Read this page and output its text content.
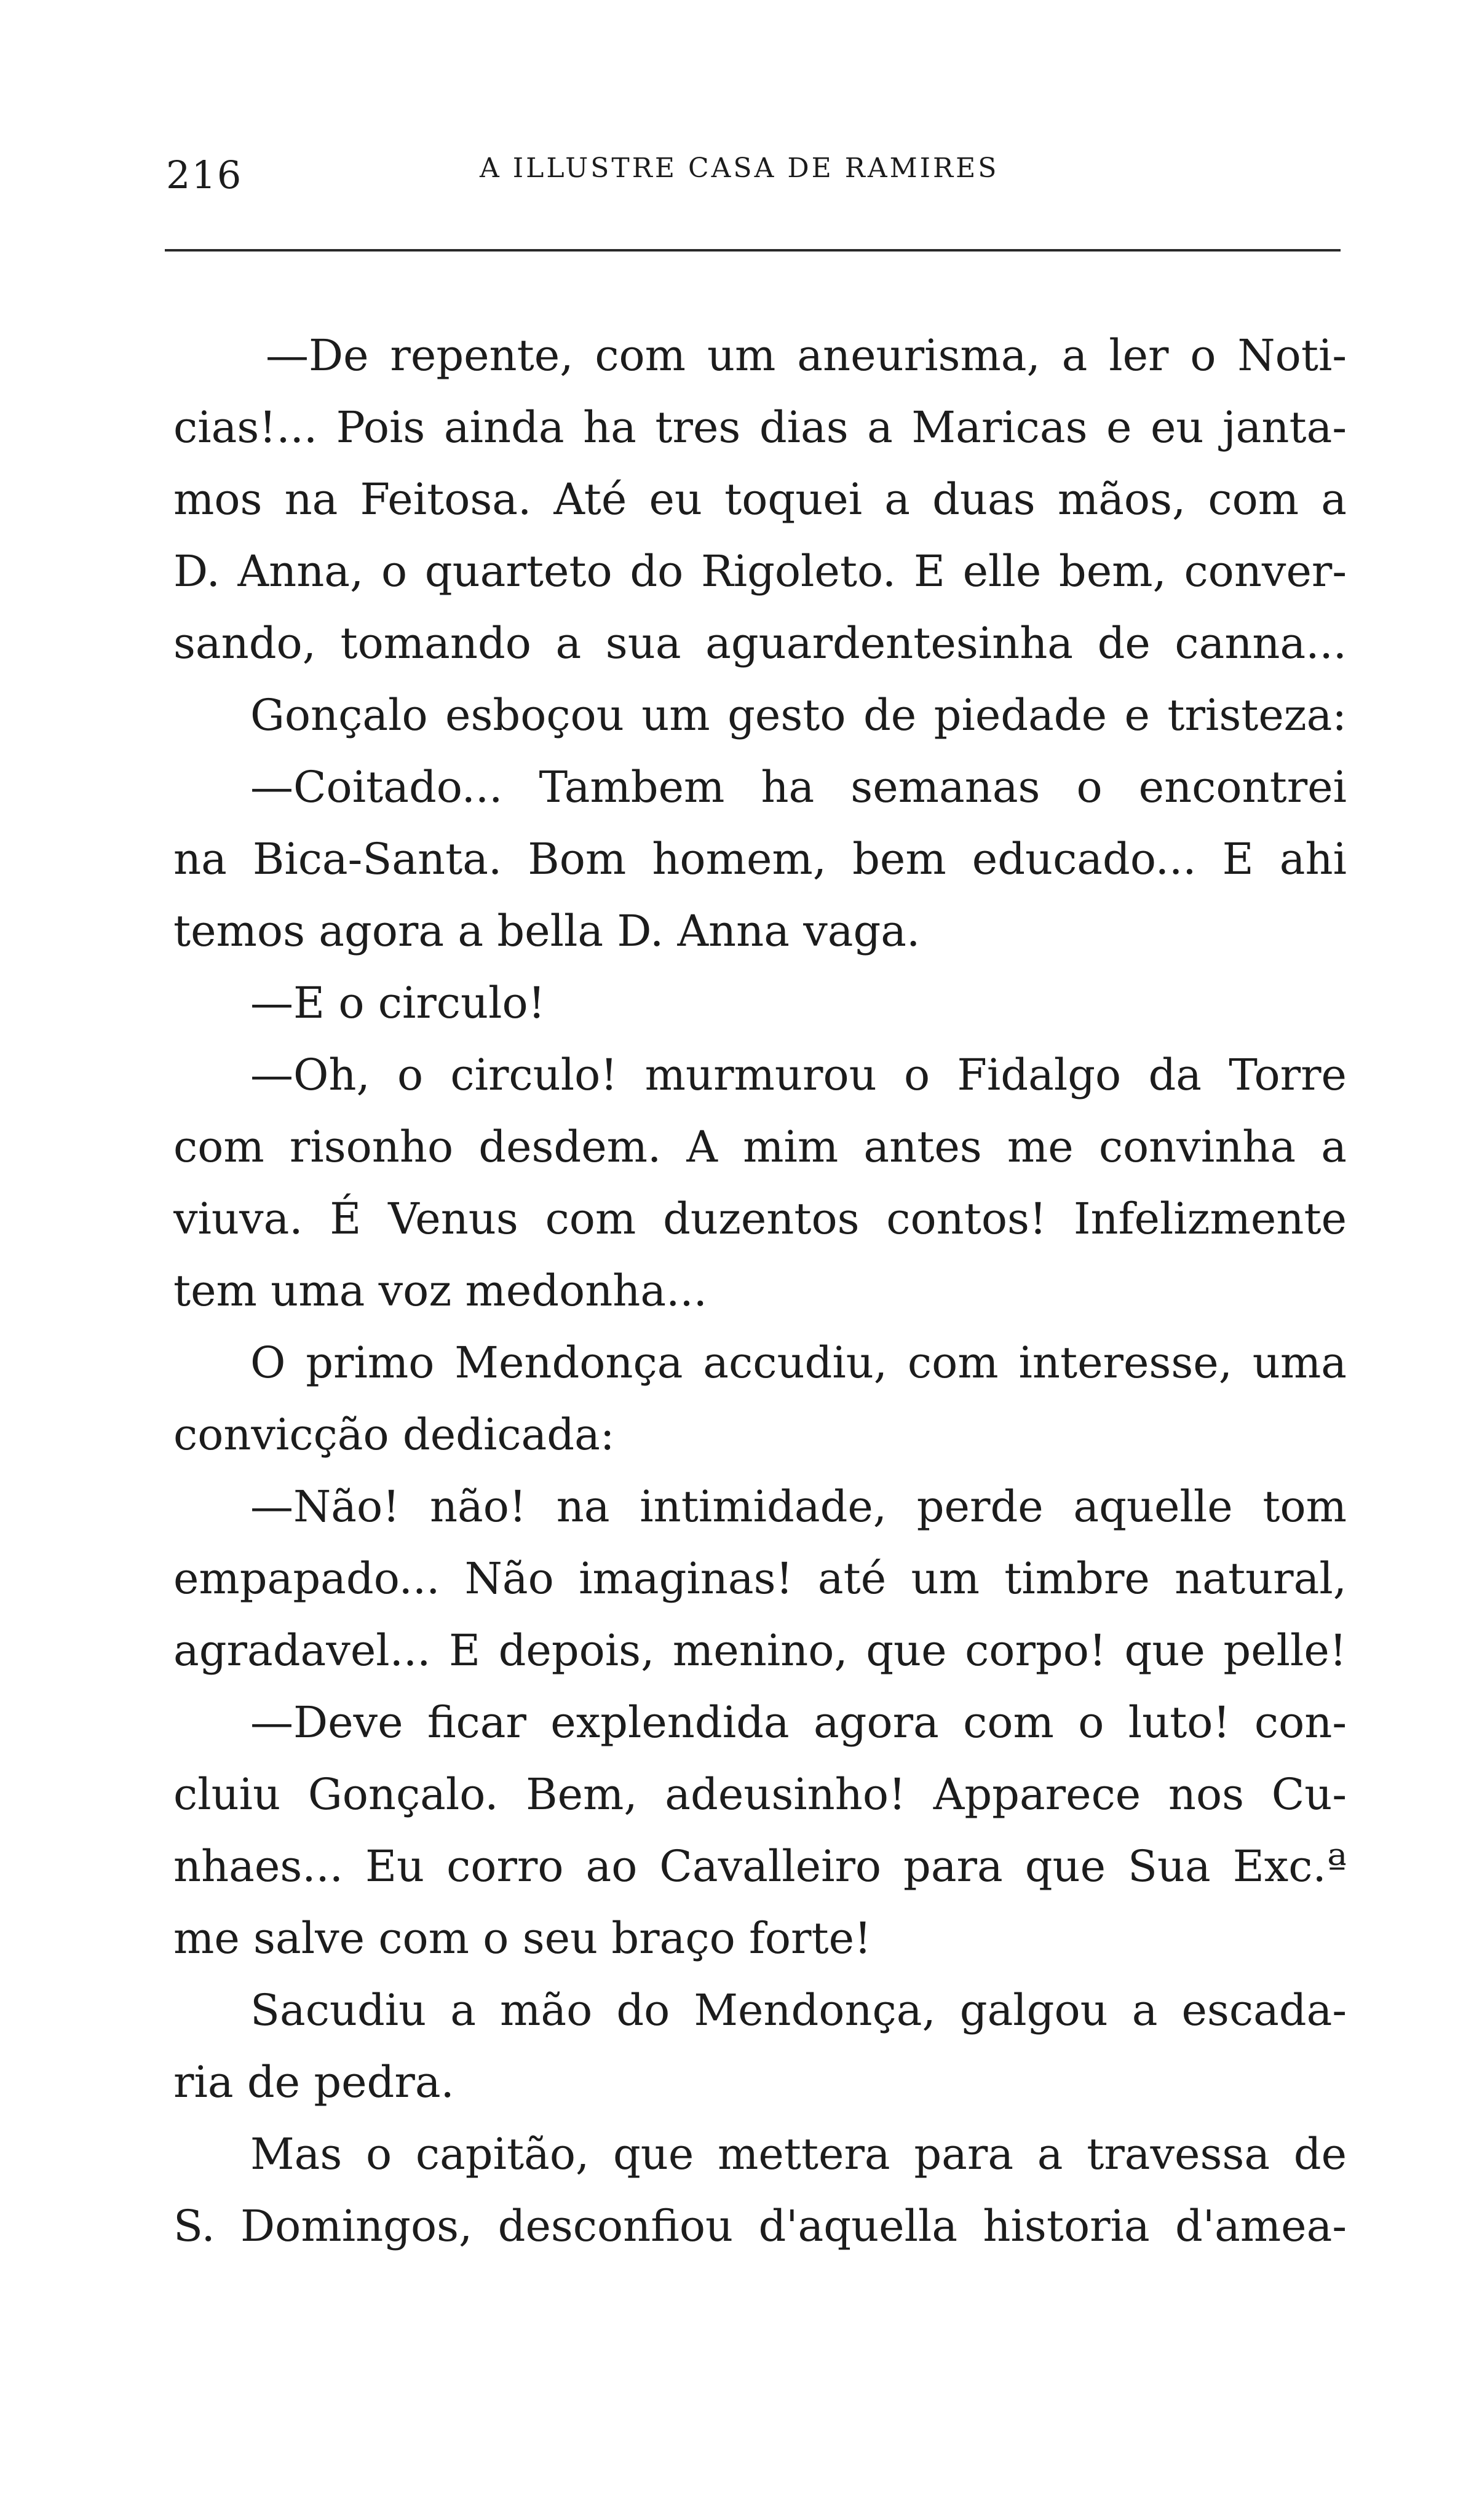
216	A ILLUSTRE CASA DE RAMIRES
—De repente, com um aneurisma, a ler o Noti-
cias!... Pois ainda ha tres dias a Maricas e eu janta-
mos na Feitosa. Até eu toquei a duas mãos, com a
D. Anna, o quarteto do Rigoleto. E elle bem, conver-
sando, tomando a sua aguardentesinha de canna...
Gonçalo esboçou um gesto de piedade e tristeza:
—Coitado... Tambem ha semanas o encontrei
na Bica-Santa. Bom homem, bem educado... E ahi
temos agora a bella D. Anna vaga.
—E o circulo!
—Oh, o circulo! murmurou o Fidalgo da Torre
com risonho desdem. A mim antes me convinha a
viuva. É Venus com duzentos contos! Infelizmente
tem uma voz medonha...
O primo Mendonça accudiu, com interesse, uma
convicção dedicada:
—Não! não! na intimidade, perde aquelle tom
empapado... Não imaginas! até um timbre natural,
agradavel... E depois, menino, que corpo! que pelle!
—Deve ficar explendida agora com o luto! con-
cluiu Gonçalo. Bem, adeusinho! Apparece nos Cu-
nhaes... Eu corro ao Cavalleiro para que Sua Exc.ª
me salve com o seu braço forte!
Sacudiu a mão do Mendonça, galgou a escada-
ria de pedra.
Mas o capitão, que mettera para a travessa de
S. Domingos, desconfiou d'aquella historia d'amea-
